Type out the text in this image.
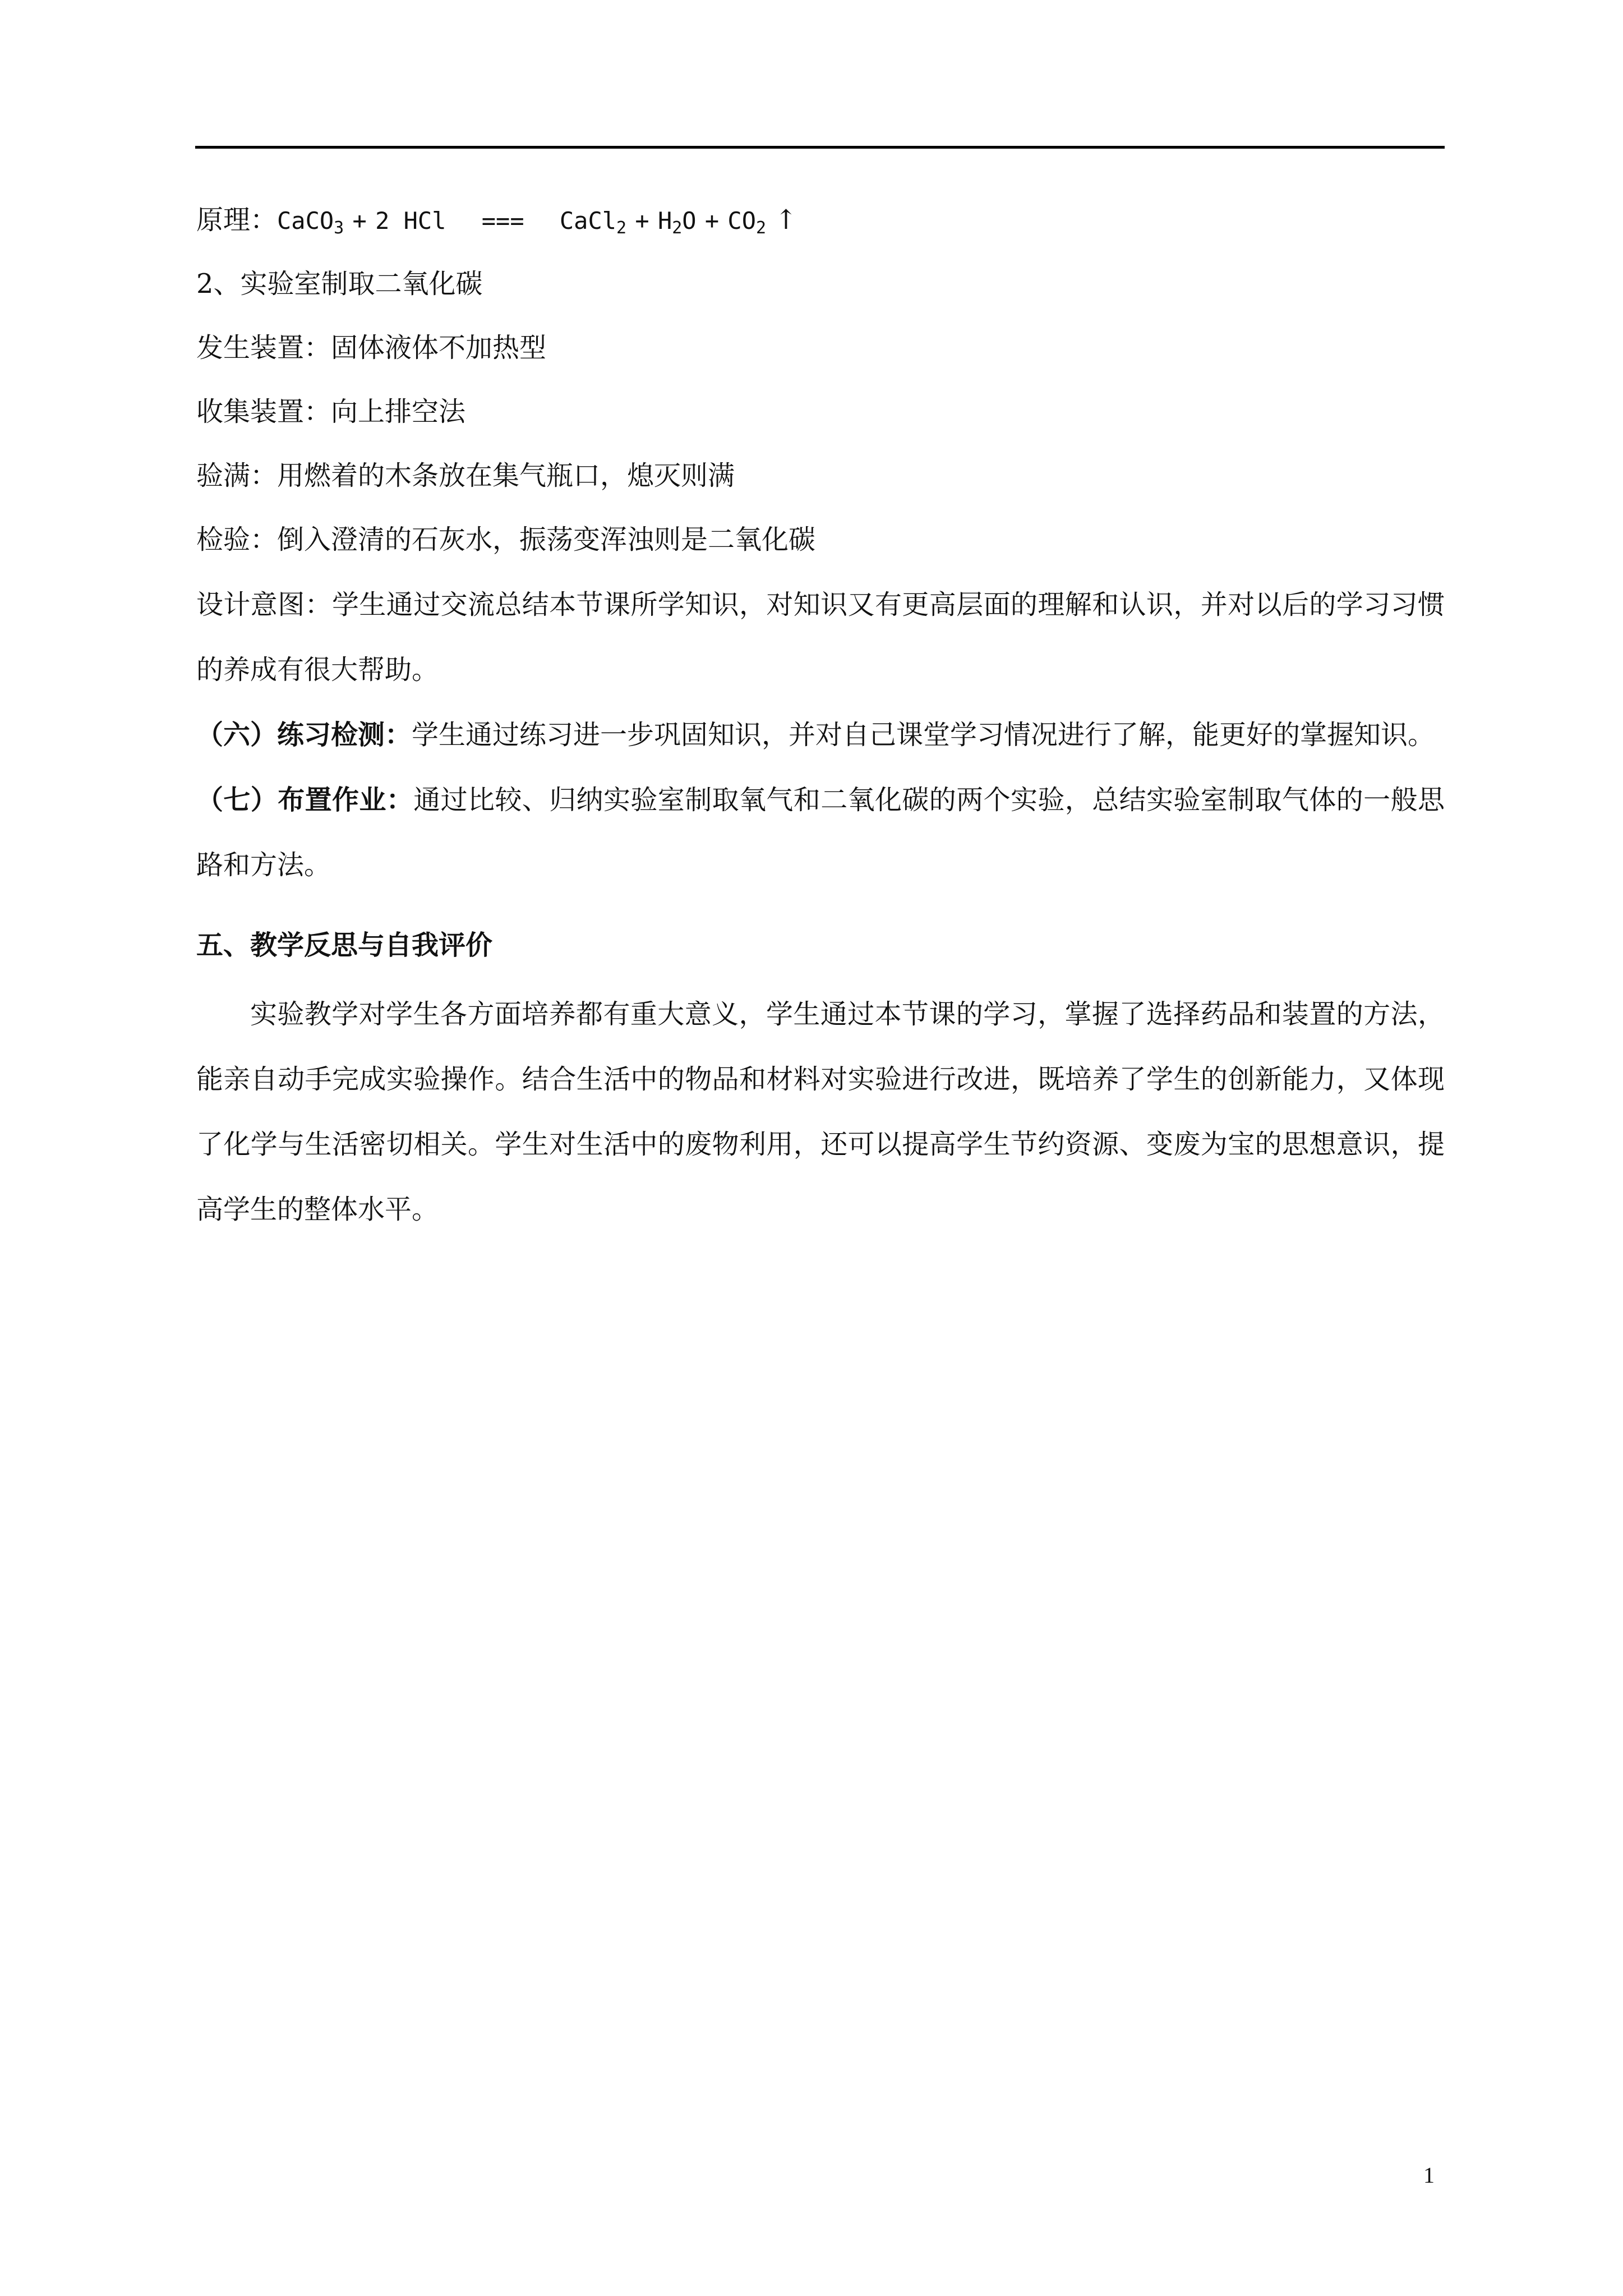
原理：CaCO$_3$ + 2 HCl === CaCl$_2$ + $H_2O + CO_2$ ↑
2、实验室制取二氧化碳
发生装置：固体液体不加热型
收集装置：向上排空法
验满：用燃着的木条放在集气瓶口，熄灭则满
检验：倒入澄清的石灰水，振荡变浑浊则是二氧化碳
设计意图：学生通过交流总结本节课所学知识，对知识又有更高层面的理解和认识，并对以后的学习习惯的养成有很大帮助。
（六）练习检测：学生通过练习进一步巩固知识，并对自己课堂学习情况进行了解，能更好的掌握知识。
（七）布置作业：通过比较、归纳实验室制取氧气和二氧化碳的两个实验，总结实验室制取气体的一般思路和方法。
五、教学反思与自我评价
实验教学对学生各方面培养都有重大意义，学生通过本节课的学习，掌握了选择药品和装置的方法，能亲自动手完成实验操作。结合生活中的物品和材料对实验进行改进，既培养了学生的创新能力，又体现了化学与生活密切相关。学生对生活中的废物利用，还可以提高学生节约资源、变废为宝的思想意识，提高学生的整体水平。
1
